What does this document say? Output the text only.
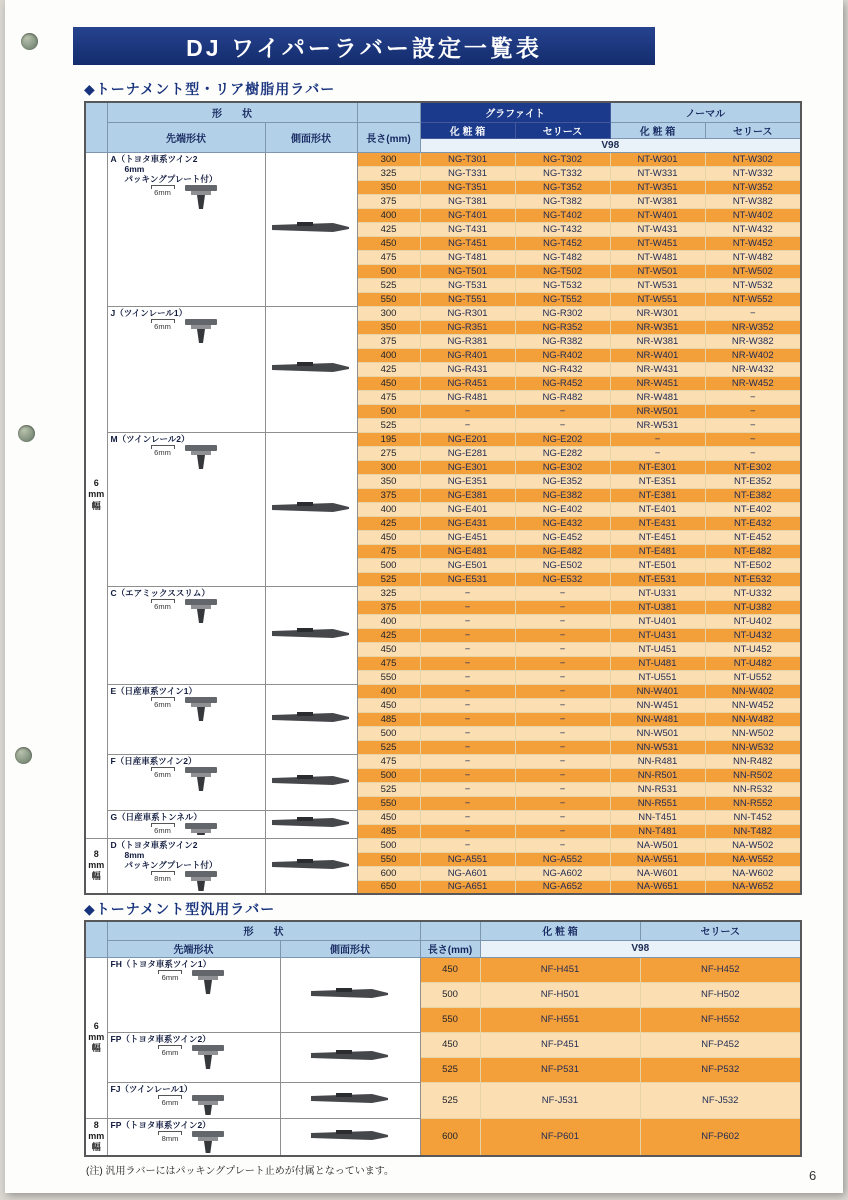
DJ ワイパーラバー設定一覧表
◆トーナメント型・リア樹脂用ラバー
	形　　状			グラファイト		ノーマル	
	先端形状	側面形状	長さ(mm)	化 粧 箱	セリース	化 粧 箱	セリース
				V98			
6
mm
幅	
A（トヨタ車系ツイン2
6mm
パッキングプレート付）
6mm
		300	NG-T301	NG-T302	NT-W301	NT-W302
			325	NG-T331	NG-T332	NT-W331	NT-W332
			350	NG-T351	NG-T352	NT-W351	NT-W352
			375	NG-T381	NG-T382	NT-W381	NT-W382
			400	NG-T401	NG-T402	NT-W401	NT-W402
			425	NG-T431	NG-T432	NT-W431	NT-W432
			450	NG-T451	NG-T452	NT-W451	NT-W452
			475	NG-T481	NG-T482	NT-W481	NT-W482
			500	NG-T501	NG-T502	NT-W501	NT-W502
			525	NG-T531	NG-T532	NT-W531	NT-W532
			550	NG-T551	NG-T552	NT-W551	NT-W552

	J（ツインレール1）
6mm		300	NG-R301	NG-R302	NR-W301	−
			350	NG-R351	NG-R352	NR-W351	NR-W352
			375	NG-R381	NG-R382	NR-W381	NR-W382
			400	NG-R401	NG-R402	NR-W401	NR-W402
			425	NG-R431	NG-R432	NR-W431	NR-W432
			450	NG-R451	NG-R452	NR-W451	NR-W452
			475	NG-R481	NG-R482	NR-W481	−
			500	−	−	NR-W501	−
			525	−	−	NR-W531	−

	M（ツインレール2）
6mm		195	NG-E201	NG-E202	−	−
			275	NG-E281	NG-E282	−	−
			300	NG-E301	NG-E302	NT-E301	NT-E302
			350	NG-E351	NG-E352	NT-E351	NT-E352
			375	NG-E381	NG-E382	NT-E381	NT-E382
			400	NG-E401	NG-E402	NT-E401	NT-E402
			425	NG-E431	NG-E432	NT-E431	NT-E432
			450	NG-E451	NG-E452	NT-E451	NT-E452
			475	NG-E481	NG-E482	NT-E481	NT-E482
			500	NG-E501	NG-E502	NT-E501	NT-E502
			525	NG-E531	NG-E532	NT-E531	NT-E532

	C（エアミックススリム）
6mm		325	−	−	NT-U331	NT-U332
			375	−	−	NT-U381	NT-U382
			400	−	−	NT-U401	NT-U402
			425	−	−	NT-U431	NT-U432
			450	−	−	NT-U451	NT-U452
			475	−	−	NT-U481	NT-U482
			550	−	−	NT-U551	NT-U552

	E（日産車系ツイン1）
6mm		400	−	−	NN-W401	NN-W402
			450	−	−	NN-W451	NN-W452
			485	−	−	NN-W481	NN-W482
			500	−	−	NN-W501	NN-W502
			525	−	−	NN-W531	NN-W532

	F（日産車系ツイン2）
6mm		475	−	−	NN-R481	NN-R482
			500	−	−	NN-R501	NN-R502
			525	−	−	NN-R531	NN-R532
			550	−	−	NN-R551	NN-R552

	G（日産車系トンネル）
6mm		450	−	−	NN-T451	NN-T452
			485	−	−	NN-T481	NN-T482
8
mm
幅	
D（トヨタ車系ツイン2
8mm
パッキングプレート付）
8mm
		500	−	−	NA-W501	NA-W502
			550	NG-A551	NG-A552	NA-W551	NA-W552
			600	NG-A601	NG-A602	NA-W601	NA-W602
			650	NG-A651	NG-A652	NA-W651	NA-W652
◆トーナメント型汎用ラバー
	形　　状			化 粧 箱	セリース
	先端形状	側面形状	長さ(mm)	V98	
6
mm
幅	
FH（トヨタ車系ツイン1）
6mm
		450	NF-H451	NF-H452
			500	NF-H501	NF-H502
			550	NF-H551	NF-H552

	FP（トヨタ車系ツイン2）
6mm		450	NF-P451	NF-P452
			525	NF-P531	NF-P532

	FJ（ツインレール1）
6mm		525	NF-J531	NF-J532
8
mm
幅	
FP（トヨタ車系ツイン2）
8mm		600	NF-P601	NF-P602
(注) 汎用ラバーにはパッキングプレート止めが付属となっています。	6
